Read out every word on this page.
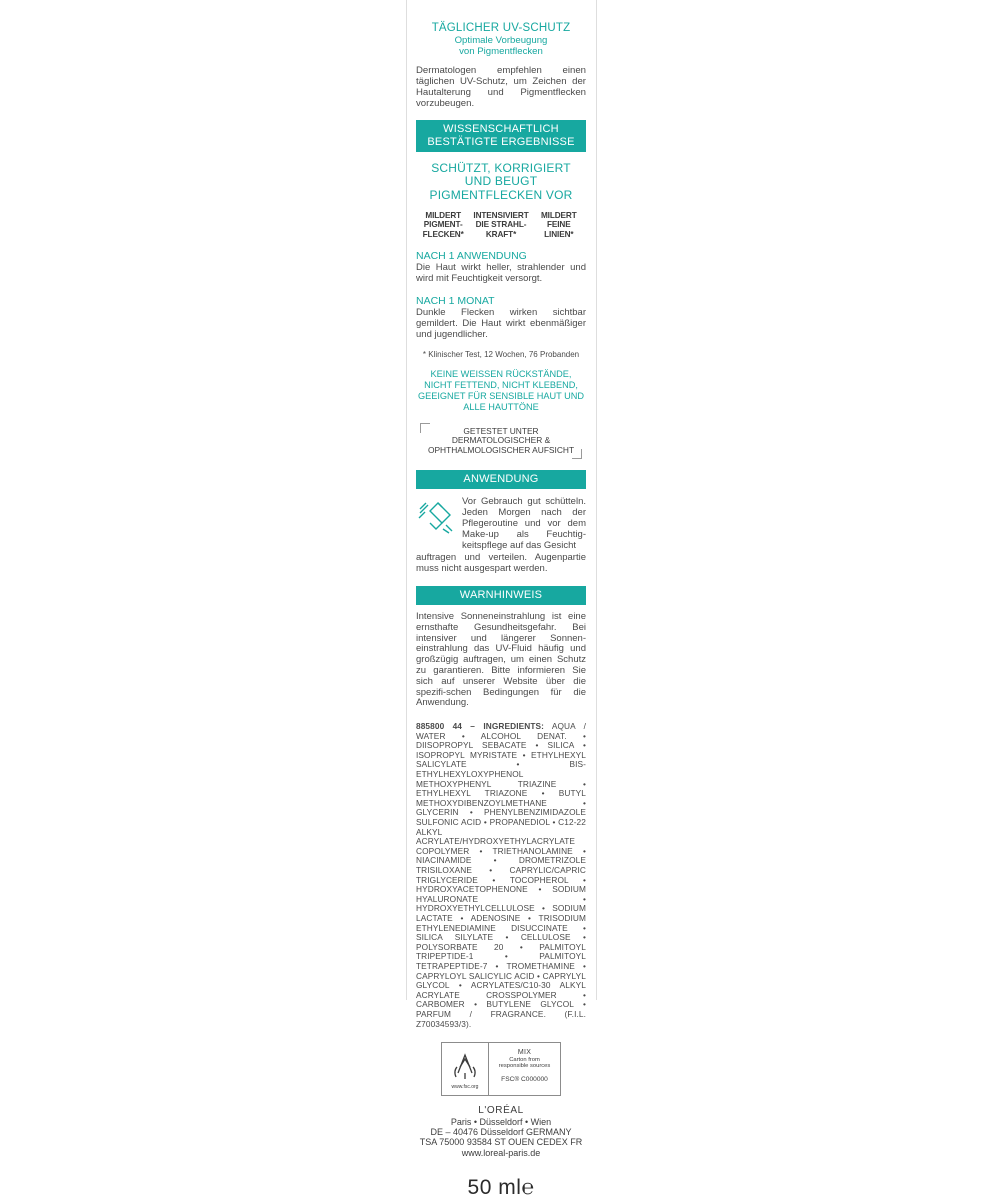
TÄGLICHER UV-SCHUTZ
Optimale Vorbeugung
von Pigmentflecken

Dermatologen empfehlen einen täglichen UV-Schutz, um Zeichen der Hautalterung und Pigmentflecken vorzubeugen.

WISSENSCHAFTLICH
BESTÄTIGTE ERGEBNISSE
SCHÜTZT, KORRIGIERT
UND BEUGT
PIGMENTFLECKEN VOR
MILDERT
PIGMENT-
FLECKEN*
INTENSIVIERT
DIE STRAHL-
KRAFT*
MILDERT
FEINE
LINIEN*
NACH 1 ANWENDUNG

Die Haut wirkt heller, strahlender und wird mit Feuchtigkeit versorgt.

NACH 1 MONAT

Dunkle Flecken wirken sichtbar gemildert. Die Haut wirkt ebenmäßiger und jugendlicher.

* Klinischer Test, 12 Wochen, 76 Probanden
KEINE WEISSEN RÜCKSTÄNDE, NICHT FETTEND, NICHT KLEBEND, GEEIGNET FÜR SENSIBLE HAUT UND ALLE HAUTTÖNE
GETESTET UNTER DERMATOLOGISCHER &
OPHTHALMOLOGISCHER AUFSICHT
ANWENDUNG
Vor Gebrauch gut schütteln. Jeden Morgen nach der Pflegeroutine und vor dem Make-up als Feuchtig-keitspflege auf das Gesicht

auftragen und verteilen. Augenpartie muss nicht ausgespart werden.

WARNHINWEIS

Intensive Sonneneinstrahlung ist eine ernsthafte Gesundheitsgefahr. Bei intensiver und längerer Sonnen-einstrahlung das UV-Fluid häufig und großzügig auftragen, um einen Schutz zu garantieren. Bitte informieren Sie sich auf unserer Website über die spezifi-schen Bedingungen für die Anwendung.

885800 44 – INGREDIENTS: AQUA / WATER • ALCOHOL DENAT. • DIISOPROPYL SEBACATE • SILICA • ISOPROPYL MYRISTATE • ETHYLHEXYL SALICYLATE • BIS-ETHYLHEXYLOXYPHENOL METHOXYPHENYL TRIAZINE • ETHYLHEXYL TRIAZONE • BUTYL METHOXYDIBENZOYLMETHANE • GLYCERIN • PHENYLBENZIMIDAZOLE SULFONIC ACID • PROPANEDIOL • C12-22 ALKYL ACRYLATE/HYDROXYETHYLACRYLATE COPOLYMER • TRIETHANOLAMINE • NIACINAMIDE • DROMETRIZOLE TRISILOXANE • CAPRYLIC/CAPRIC TRIGLYCERIDE • TOCOPHEROL • HYDROXYACETOPHENONE • SODIUM HYALURONATE • HYDROXYETHYLCELLULOSE • SODIUM LACTATE • ADENOSINE • TRISODIUM ETHYLENEDIAMINE DISUCCINATE • SILICA SILYLATE • CELLULOSE • POLYSORBATE 20 • PALMITOYL TRIPEPTIDE-1 • PALMITOYL TETRAPEPTIDE-7 • TROMETHAMINE • CAPRYLOYL SALICYLIC ACID • CAPRYLYL GLYCOL • ACRYLATES/C10-30 ALKYL ACRYLATE CROSSPOLYMER • CARBOMER • BUTYLENE GLYCOL • PARFUM / FRAGRANCE. (F.I.L. Z70034593/3).

www.fsc.org
MIX
Carton from
responsible sources
FSC® C000000
L'ORÉAL
Paris • Düsseldorf • Wien
DE – 40476 Düsseldorf GERMANY
TSA 75000 93584 ST OUEN CEDEX FR
www.loreal-paris.de
50 ml℮
